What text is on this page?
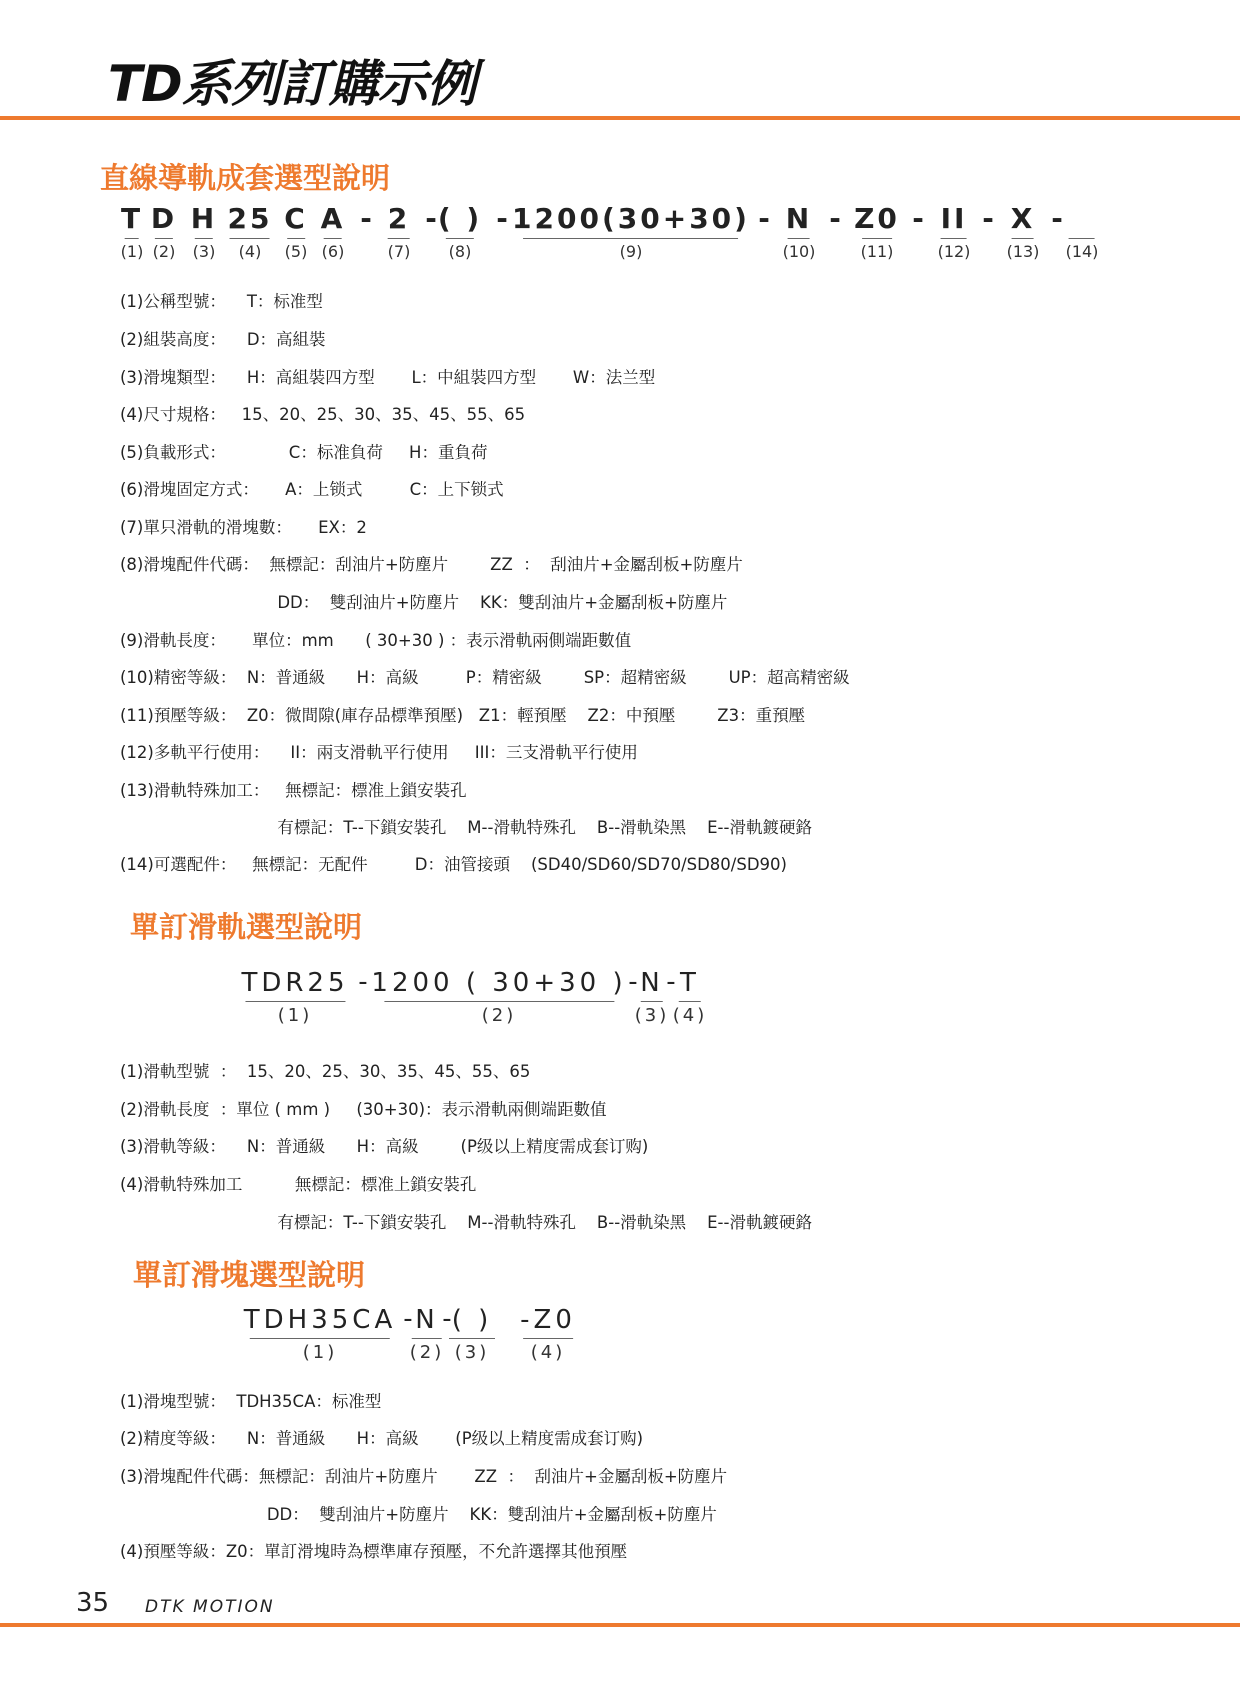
TD系列訂購示例
直線導軌成套選型說明
單訂滑軌選型說明
單訂滑塊選型說明
35 DTK MOTION
T
(1)
D
(2)
H
(3)
25
(4)
C
(5)
A
(6)
2
(7)
( )
(8)
1200(30+30)
(9)
N
(10)
Z0
(11)
II
(12)
X
(13)
(14)
- - -	- -	- - -
(1)公稱型號：    T：标准型
(2)組裝高度：    D：高組裝
(3)滑塊類型：    H：高組裝四方型       L：中組裝四方型       W：法兰型
(4)尺寸規格：   15、20、25、30、35、45、55、65
(5)負載形式：            C：标准負荷     H：重負荷
(6)滑塊固定方式：     A：上锁式         C：上下锁式
(7)單只滑軌的滑塊數：     EX：2
(8)滑塊配件代碼：  無標記：刮油片+防塵片        ZZ  ：  刮油片+金屬刮板+防塵片
DD：  雙刮油片+防塵片    KK：雙刮油片+金屬刮板+防塵片
(9)滑軌長度：     單位：mm      ( 30+30 ) ：表示滑軌兩側端距數值
(10)精密等級：  N：普通級      H：高級         P：精密級        SP：超精密級        UP：超高精密級
(11)預壓等級：  Z0：微間隙(庫存品標準預壓)   Z1：輕預壓    Z2：中預壓        Z3：重預壓
(12)多軌平行使用：    II：兩支滑軌平行使用     III：三支滑軌平行使用
(13)滑軌特殊加工：   無標記：標准上鎖安裝孔
有標記：T--下鎖安裝孔    M--滑軌特殊孔    B--滑軌染黑    E--滑軌鍍硬鉻
(14)可選配件：   無標記：无配件         D：油管接頭    (SD40/SD60/SD70/SD80/SD90)
TDR25
(1)
1200 ( 30+30 )
(2)
N
(3)
T
(4)
-	- -
(1)滑軌型號  ：  15、20、25、30、35、45、55、65
(2)滑軌長度  ：單位 ( mm )     (30+30)：表示滑軌兩側端距數值
(3)滑軌等級：    N：普通級      H：高級        (P级以上精度需成套订购)
(4)滑軌特殊加工          無標記：標准上鎖安裝孔
有標記：T--下鎖安裝孔    M--滑軌特殊孔    B--滑軌染黑    E--滑軌鍍硬鉻
TDH35CA
(1)
N
(2)
( )
(3)
-Z0
(4)
- -
(1)滑塊型號：  TDH35CA：标准型
(2)精度等級：    N：普通級      H：高級       (P级以上精度需成套订购)
(3)滑塊配件代碼：無標記：刮油片+防塵片       ZZ  ：  刮油片+金屬刮板+防塵片
DD：  雙刮油片+防塵片    KK：雙刮油片+金屬刮板+防塵片
(4)預壓等級：Z0：單訂滑塊時為標準庫存預壓，不允許選擇其他預壓
